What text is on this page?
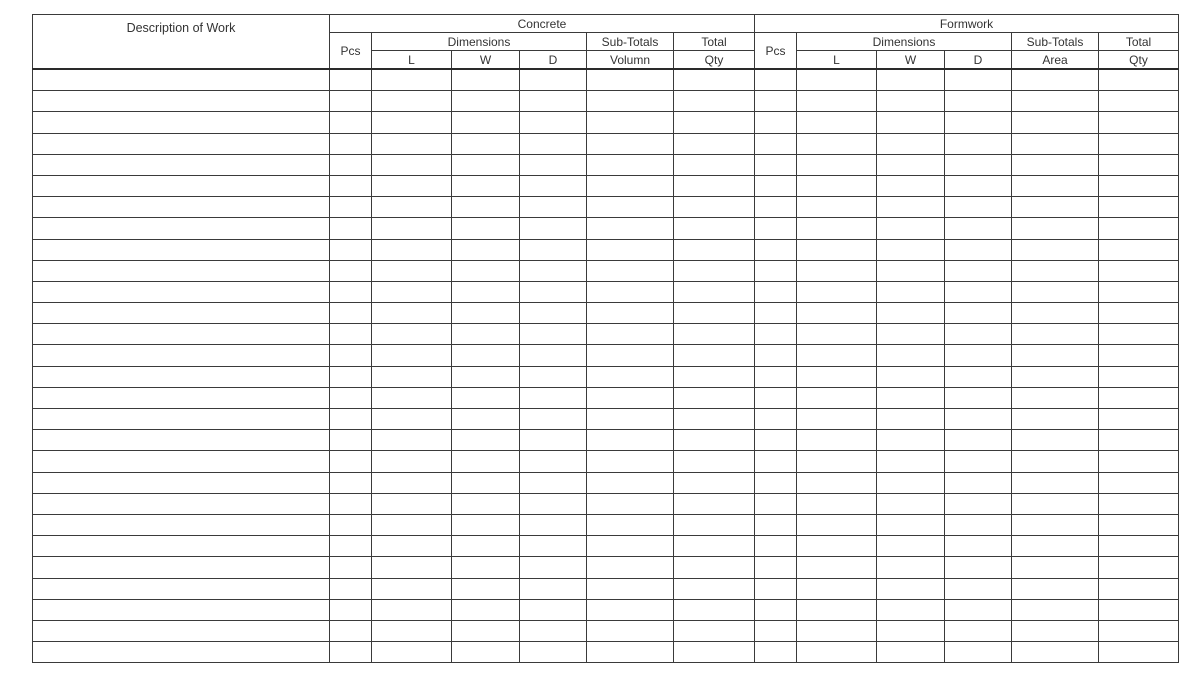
Description of Work	Concrete						Formwork					
	Pcs	Dimensions			Sub-Totals	Total	Pcs	Dimensions			Sub-Totals	Total
		L	W	D	Volumn	Qty		L	W	D	Area	Qty
